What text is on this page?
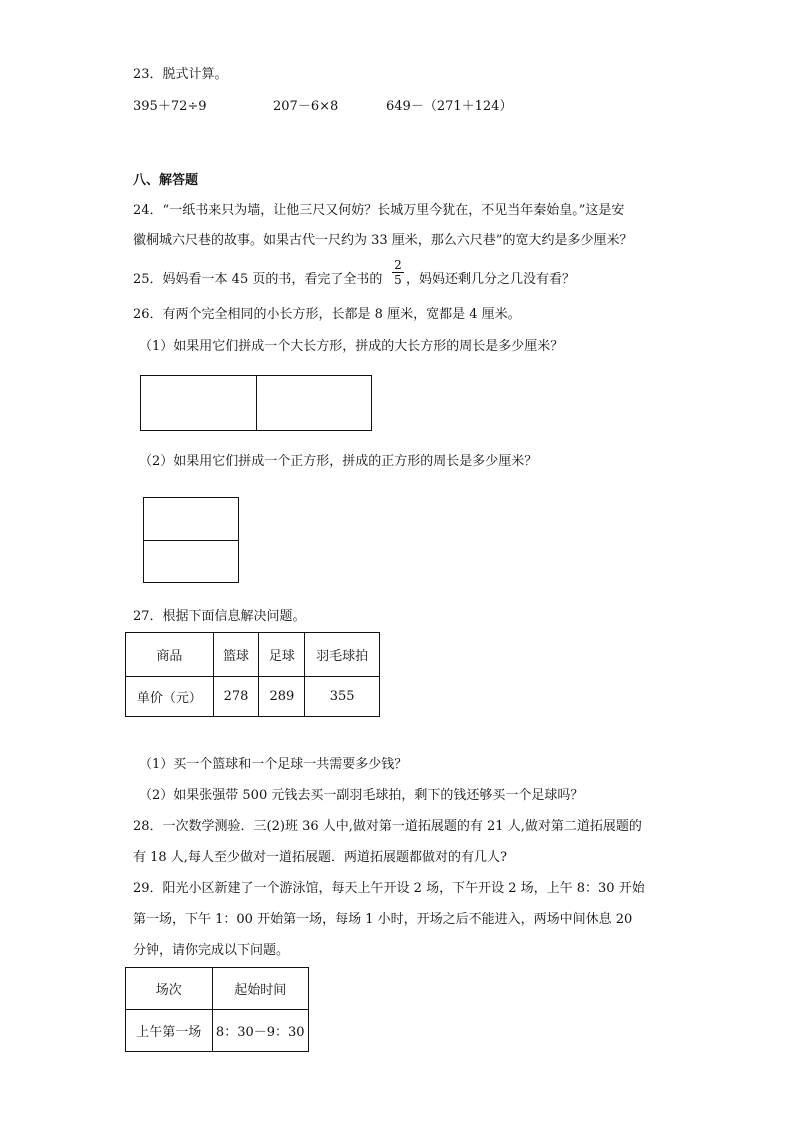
23．脱式计算。
395＋72÷9	207－6×8	649－（271＋124）
八、解答题
24．“一纸书来只为墙，让他三尺又何妨？长城万里今犹在，不见当年秦始皇。”这是安
徽桐城六尺巷的故事。如果古代一尺约为 33 厘米，那么六尺巷”的宽大约是多少厘米？
25．妈妈看一本 45 页的书，看完了全书的
2
5 ，妈妈还剩几分之几没有看？
26．有两个完全相同的小长方形，长都是 8 厘米，宽都是 4 厘米。
（1）如果用它们拼成一个大长方形，拼成的大长方形的周长是多少厘米？
（2）如果用它们拼成一个正方形，拼成的正方形的周长是多少厘米？
27．根据下面信息解决问题。
商品	篮球	足球	羽毛球拍
单价（元）	278	289	355
（1）买一个篮球和一个足球一共需要多少钱？
（2）如果张强带 500 元钱去买一副羽毛球拍，剩下的钱还够买一个足球吗？
28．一次数学测验．三(2)班 36 人中,做对第一道拓展题的有 21 人,做对第二道拓展题的
有 18 人,每人至少做对一道拓展题．两道拓展题都做对的有几人?
29．阳光小区新建了一个游泳馆，每天上午开设 2 场，下午开设 2 场，上午 8：30 开始
第一场，下午 1：00 开始第一场，每场 1 小时，开场之后不能进入，两场中间休息 20
分钟，请你完成以下问题。
场次	起始时间
上午第一场	8：30－9：30
